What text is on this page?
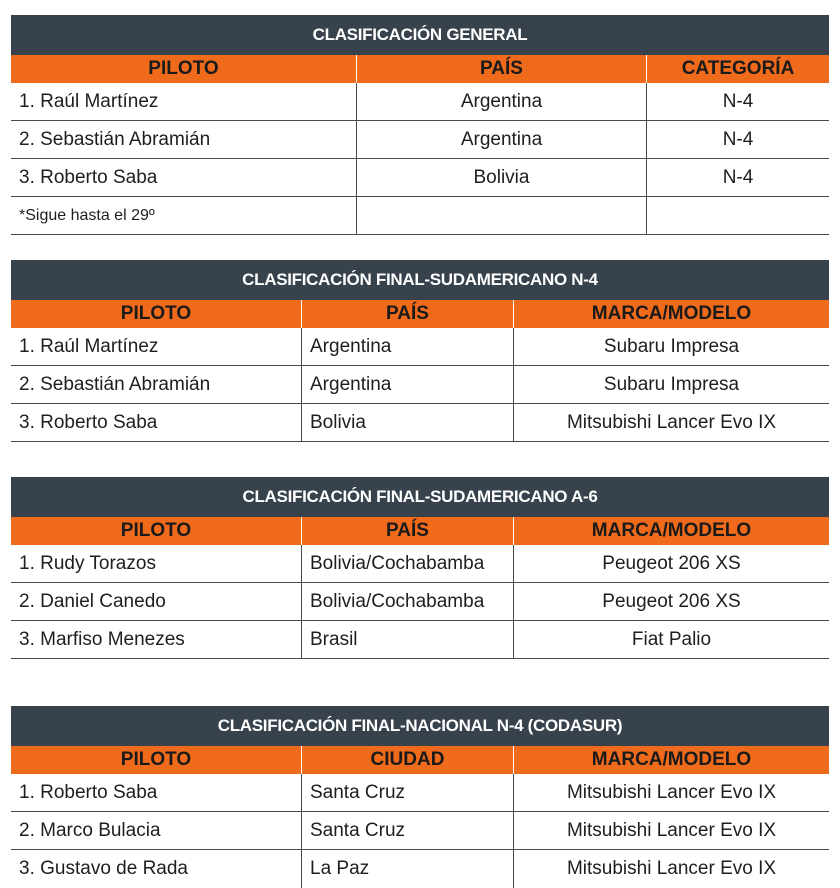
CLASIFICACIÓN GENERAL
PILOTO	PAÍS	CATEGORÍA
1. Raúl Martínez	Argentina	N-4
2. Sebastián Abramián	Argentina	N-4
3. Roberto Saba	Bolivia	N-4
*Sigue hasta el 29º
CLASIFICACIÓN FINAL-SUDAMERICANO N-4
PILOTO	PAÍS	MARCA/MODELO
1. Raúl Martínez	Argentina	Subaru Impresa
2. Sebastián Abramián	Argentina	Subaru Impresa
3. Roberto Saba	Bolivia	Mitsubishi Lancer Evo IX
CLASIFICACIÓN FINAL-SUDAMERICANO A-6
PILOTO	PAÍS	MARCA/MODELO
1. Rudy Torazos	Bolivia/Cochabamba	Peugeot 206 XS
2. Daniel Canedo	Bolivia/Cochabamba	Peugeot 206 XS
3. Marfiso Menezes	Brasil	Fiat Palio
CLASIFICACIÓN FINAL-NACIONAL N-4 (CODASUR)
PILOTO	CIUDAD	MARCA/MODELO
1. Roberto Saba	Santa Cruz	Mitsubishi Lancer Evo IX
2. Marco Bulacia	Santa Cruz	Mitsubishi Lancer Evo IX
3. Gustavo de Rada	La Paz	Mitsubishi Lancer Evo IX
